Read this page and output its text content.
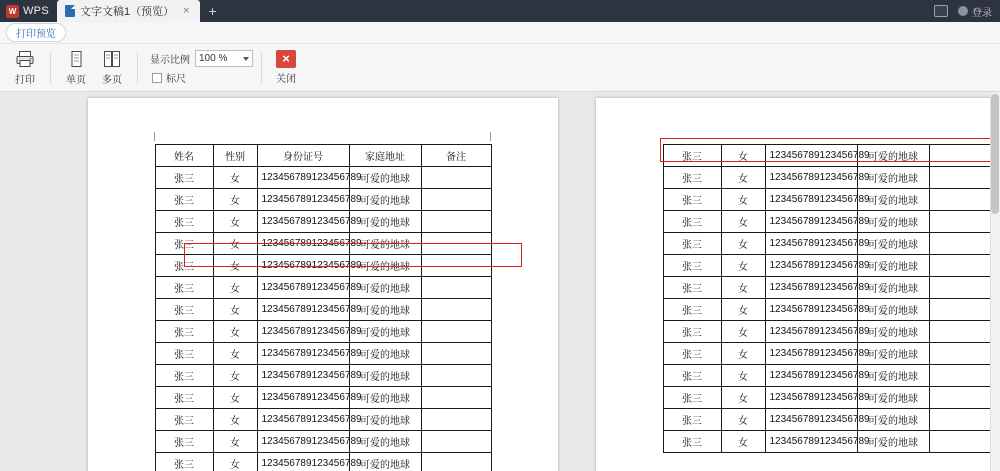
W WPS	文字文稿1（预览） ×	+	登录
打印预览
打印	单页 多页
显示比例 100 %
标尺
×
关闭
姓名	性别	身份证号	家庭地址	备注
张三	女	123456789123456789	可爱的地球	
张三	女	123456789123456789	可爱的地球	
张三	女	123456789123456789	可爱的地球	
张三	女	123456789123456789	可爱的地球	
张三	女	123456789123456789	可爱的地球	
张三	女	123456789123456789	可爱的地球	
张三	女	123456789123456789	可爱的地球	
张三	女	123456789123456789	可爱的地球	
张三	女	123456789123456789	可爱的地球	
张三	女	123456789123456789	可爱的地球	
张三	女	123456789123456789	可爱的地球	
张三	女	123456789123456789	可爱的地球	
张三	女	123456789123456789	可爱的地球	
张三	女	123456789123456789	可爱的地球	
张三	女	123456789123456789	可爱的地球	
张三	女	123456789123456789	可爱的地球	
张三	女	123456789123456789	可爱的地球	
张三	女	123456789123456789	可爱的地球	
张三	女	123456789123456789	可爱的地球	
张三	女	123456789123456789	可爱的地球	
张三	女	123456789123456789	可爱的地球	
张三	女	123456789123456789	可爱的地球	
张三	女	123456789123456789	可爱的地球	
张三	女	123456789123456789	可爱的地球	
张三	女	123456789123456789	可爱的地球	
张三	女	123456789123456789	可爱的地球	
张三	女	123456789123456789	可爱的地球	
张三	女	123456789123456789	可爱的地球	
